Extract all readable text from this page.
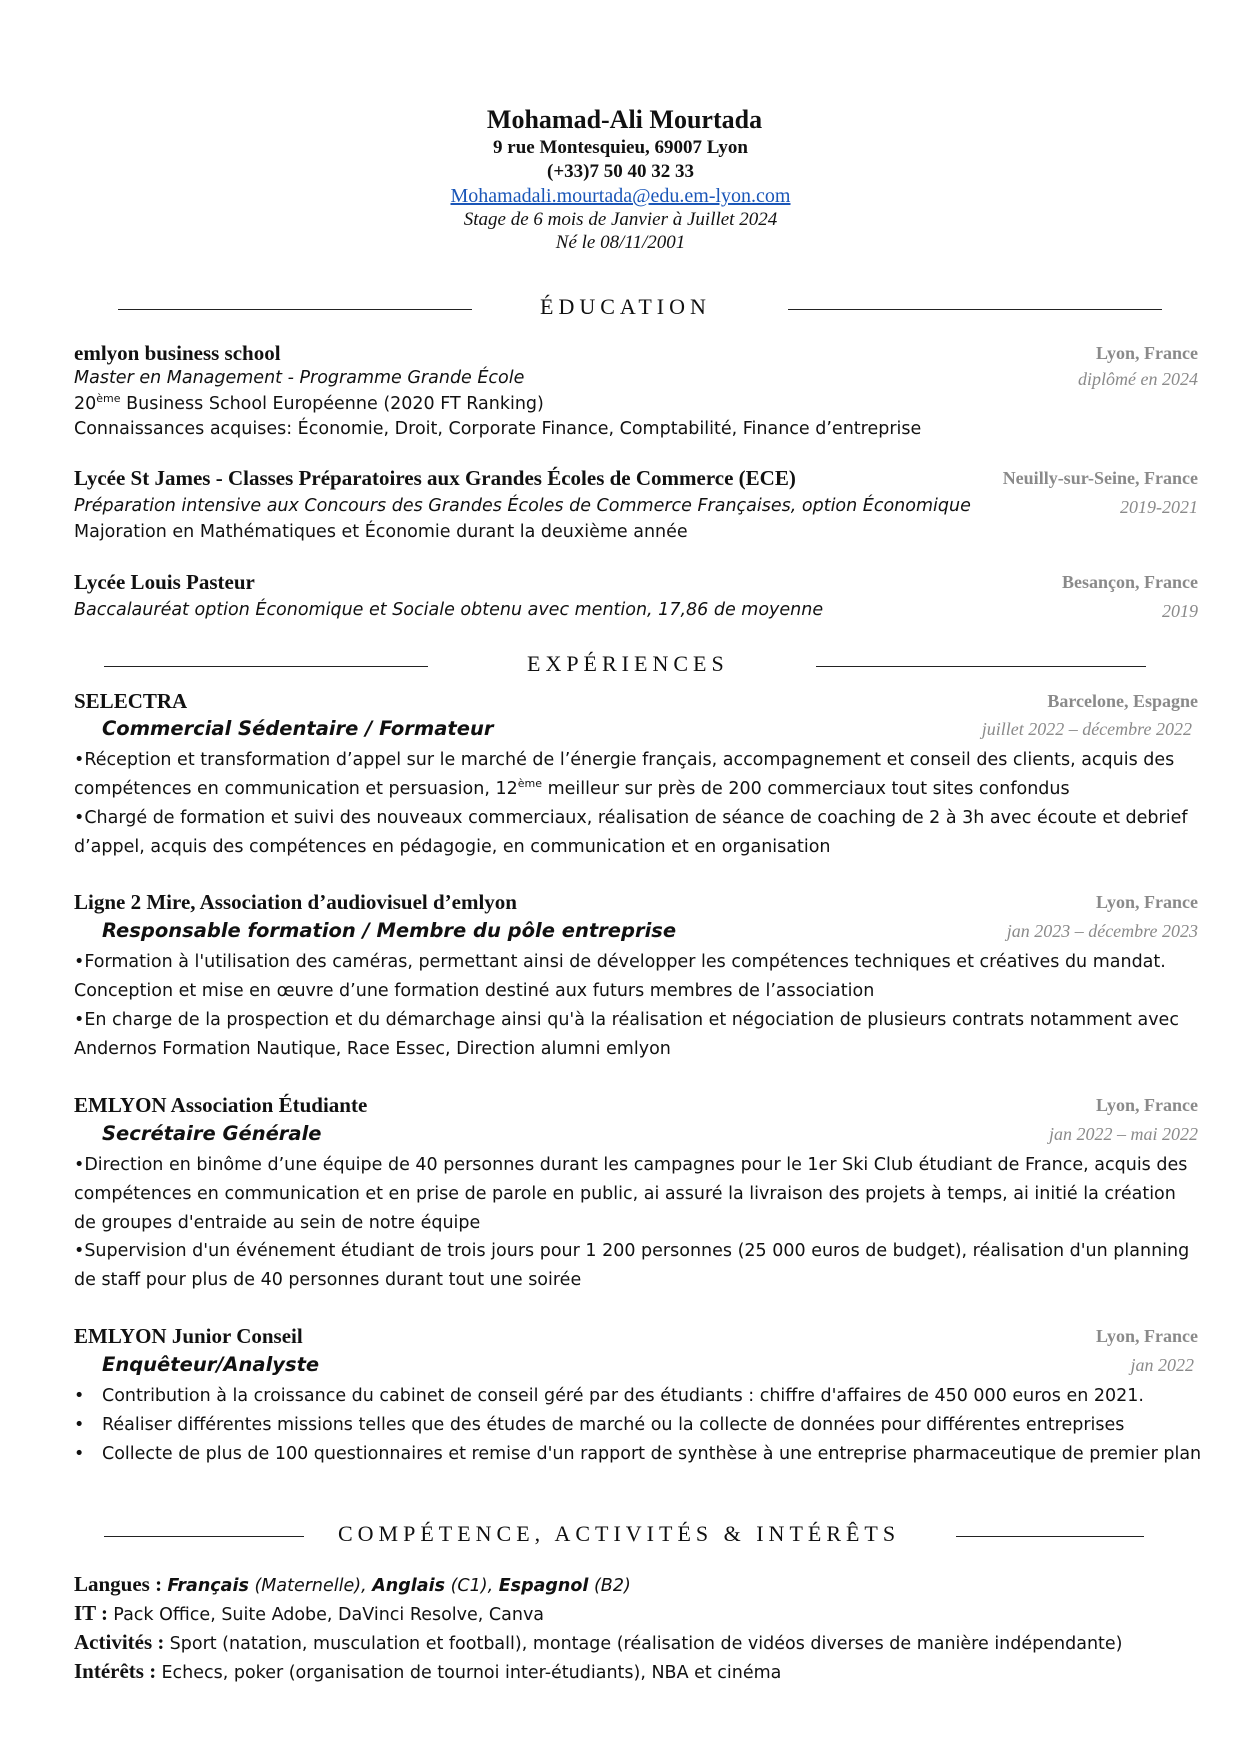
Mohamad-Ali Mourtada
9 rue Montesquieu, 69007 Lyon
(+33)7 50 40 32 33
Mohamadali.mourtada@edu.em-lyon.com
Stage de 6 mois de Janvier à Juillet 2024
Né le 08/11/2001
ÉDUCATION
emlyon business school	Lyon, France
Master en Management - Programme Grande École	diplômé en 2024
20ème Business School Européenne (2020 FT Ranking)
Connaissances acquises: Économie, Droit, Corporate Finance, Comptabilité, Finance d’entreprise
Lycée St James - Classes Préparatoires aux Grandes Écoles de Commerce (ECE)	Neuilly-sur-Seine, France
Préparation intensive aux Concours des Grandes Écoles de Commerce Françaises, option Économique	2019-2021
Majoration en Mathématiques et Économie durant la deuxième année
Lycée Louis Pasteur	Besançon, France
Baccalauréat option Économique et Sociale obtenu avec mention, 17,86 de moyenne	2019
EXPÉRIENCES
SELECTRA	Barcelone, Espagne
Commercial Sédentaire / Formateur	juillet 2022 – décembre 2022
•Réception et transformation d’appel sur le marché de l’énergie français, accompagnement et conseil des clients, acquis des compétences en communication et persuasion, 12ème meilleur sur près de 200 commerciaux tout sites confondus
•Chargé de formation et suivi des nouveaux commerciaux, réalisation de séance de coaching de 2 à 3h avec écoute et debrief d’appel, acquis des compétences en pédagogie, en communication et en organisation
Ligne 2 Mire, Association d’audiovisuel d’emlyon	Lyon, France
Responsable formation / Membre du pôle entreprise	jan 2023 – décembre 2023
•Formation à l'utilisation des caméras, permettant ainsi de développer les compétences techniques et créatives du mandat. Conception et mise en œuvre d’une formation destiné aux futurs membres de l’association
•En charge de la prospection et du démarchage ainsi qu'à la réalisation et négociation de plusieurs contrats notamment avec Andernos Formation Nautique, Race Essec, Direction alumni emlyon
EMLYON Association Étudiante	Lyon, France
Secrétaire Générale	jan 2022 – mai 2022
•Direction en binôme d’une équipe de 40 personnes durant les campagnes pour le 1er Ski Club étudiant de France, acquis des compétences en communication et en prise de parole en public, ai assuré la livraison des projets à temps, ai initié la création de groupes d'entraide au sein de notre équipe
•Supervision d'un événement étudiant de trois jours pour 1 200 personnes (25 000 euros de budget), réalisation d'un planning de staff pour plus de 40 personnes durant tout une soirée
EMLYON Junior Conseil	Lyon, France
Enquêteur/Analyste	jan 2022
• Contribution à la croissance du cabinet de conseil géré par des étudiants : chiffre d'affaires de 450 000 euros en 2021.
• Réaliser différentes missions telles que des études de marché ou la collecte de données pour différentes entreprises
• Collecte de plus de 100 questionnaires et remise d'un rapport de synthèse à une entreprise pharmaceutique de premier plan
COMPÉTENCE, ACTIVITÉS & INTÉRÊTS
Langues : Français (Maternelle), Anglais (C1), Espagnol (B2)
IT : Pack Office, Suite Adobe, DaVinci Resolve, Canva
Activités : Sport (natation, musculation et football), montage (réalisation de vidéos diverses de manière indépendante)
Intérêts : Echecs, poker (organisation de tournoi inter-étudiants), NBA et cinéma
